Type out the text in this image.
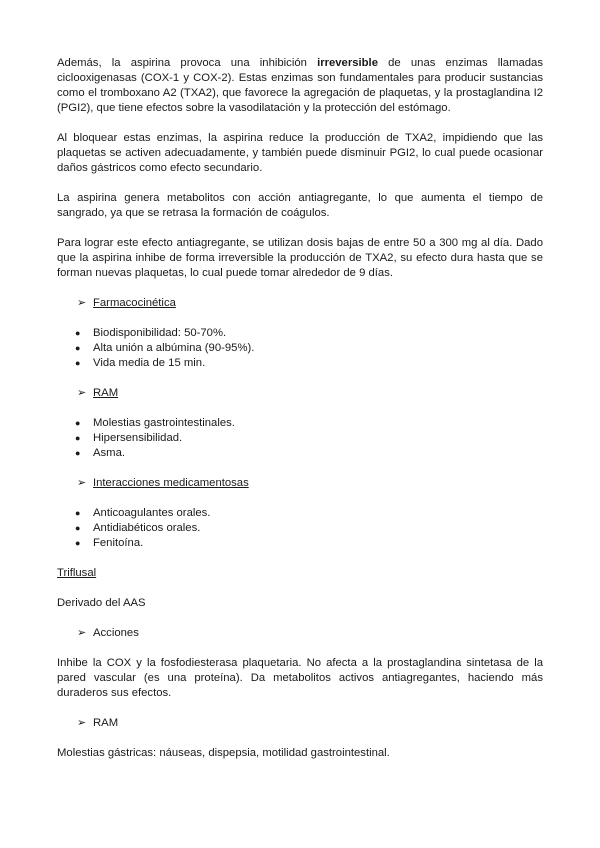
Además, la aspirina provoca una inhibición irreversible de unas enzimas llamadas ciclooxigenasas (COX-1 y COX-2). Estas enzimas son fundamentales para producir sustancias como el tromboxano A2 (TXA2), que favorece la agregación de plaquetas, y la prostaglandina I2 (PGI2), que tiene efectos sobre la vasodilatación y la protección del estómago.

Al bloquear estas enzimas, la aspirina reduce la producción de TXA2, impidiendo que las plaquetas se activen adecuadamente, y también puede disminuir PGI2, lo cual puede ocasionar daños gástricos como efecto secundario.

La aspirina genera metabolitos con acción antiagregante, lo que aumenta el tiempo de sangrado, ya que se retrasa la formación de coágulos.

Para lograr este efecto antiagregante, se utilizan dosis bajas de entre 50 a 300 mg al día. Dado que la aspirina inhibe de forma irreversible la producción de TXA2, su efecto dura hasta que se forman nuevas plaquetas, lo cual puede tomar alrededor de 9 días.

➢ Farmacocinética
●	Biodisponibilidad: 50-70%.
●	Alta unión a albúmina (90-95%).
●	Vida media de 15 min.
➢ RAM
●	Molestias gastrointestinales.
●	Hipersensibilidad.
●	Asma.
➢ Interacciones medicamentosas
●	Anticoagulantes orales.
●	Antidiabéticos orales.
●	Fenitoína.

Triflusal

Derivado del AAS

➢ Acciones

Inhibe la COX y la fosfodiesterasa plaquetaria. No afecta a la prostaglandina sintetasa de la pared vascular (es una proteína). Da metabolitos activos antiagregantes, haciendo más duraderos sus efectos.

➢ RAM

Molestias gástricas: náuseas, dispepsia, motilidad gastrointestinal.
